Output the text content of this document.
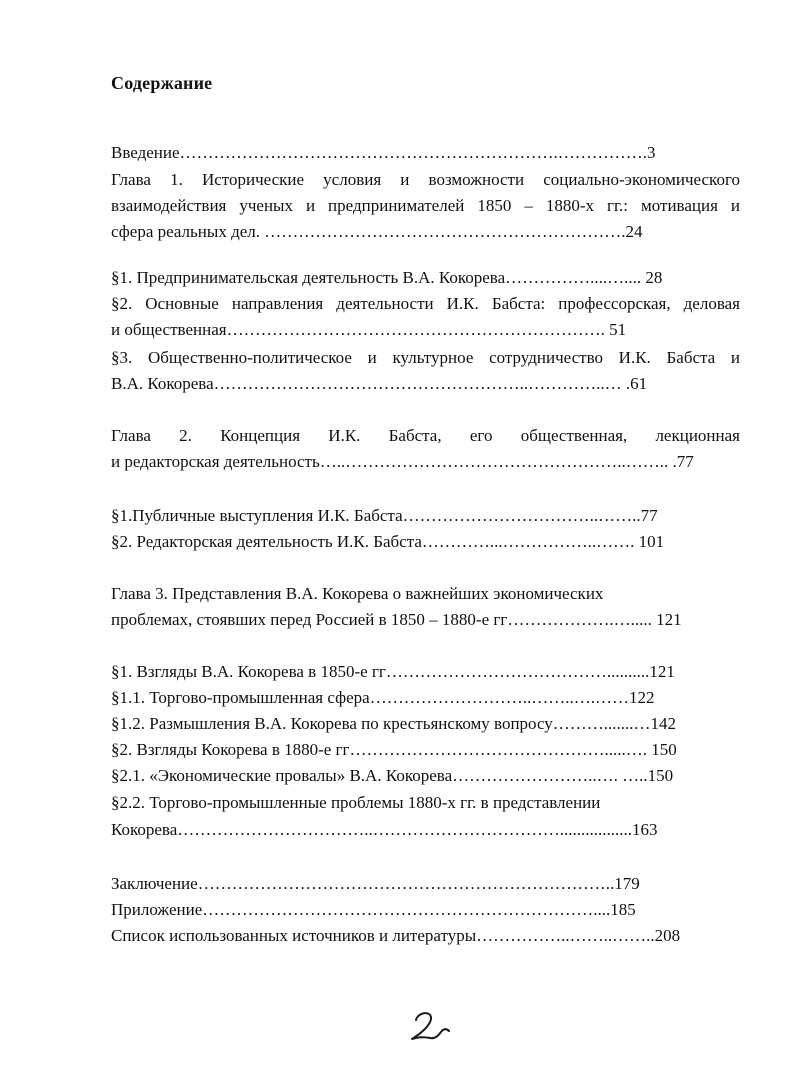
Содержание
Введение………………………………………………………….…………….3
Глава 1. Исторические условия и возможности социально-экономического
взаимодействия ученых и предпринимателей 1850 – 1880-х гг.: мотивация и
сфера реальных дел. ……………………………………………………….24
§1. Предпринимательская деятельность В.А. Кокорева……………....….... 28
§2. Основные направления деятельности И.К. Бабста: профессорская, деловая
и общественная…………………………………………………………. 51
§3. Общественно-политическое и культурное сотрудничество И.К. Бабста и
В.А. Кокорева………………………………………………..…………..… .61
Глава 2. Концепция И.К. Бабста, его общественная, лекционная
и редакторская деятельность…..…………………………………………..…….. .77
§1.Публичные выступления И.К. Бабста……………………………..……..77
§2. Редакторская деятельность И.К. Бабста…………...……………..……. 101
Глава 3. Представления В.А. Кокорева о важнейших экономических
проблемах, стоявших перед Россией в 1850 – 1880-е гг……………….…..... 121
§1. Взгляды В.А. Кокорева в 1850-е гг…………………………………..........121
§1.1. Торгово-промышленная сфера………………………..……..….……122
§1.2. Размышления В.А. Кокорева по крестьянскому вопросу……….......…142
§2. Взгляды Кокорева в 1880-е гг……………………………………….....…. 150
§2.1. «Экономические провалы» В.А. Кокорева……………………..…. …..150
§2.2. Торгово-промышленные проблемы 1880-х гг. в представлении
Кокорева……………………………..…………………………….................163
Заключение………………………………………………………………..179
Приложение……………………………………………………………....185
Список использованных источников и литературы……………..……..……..208
